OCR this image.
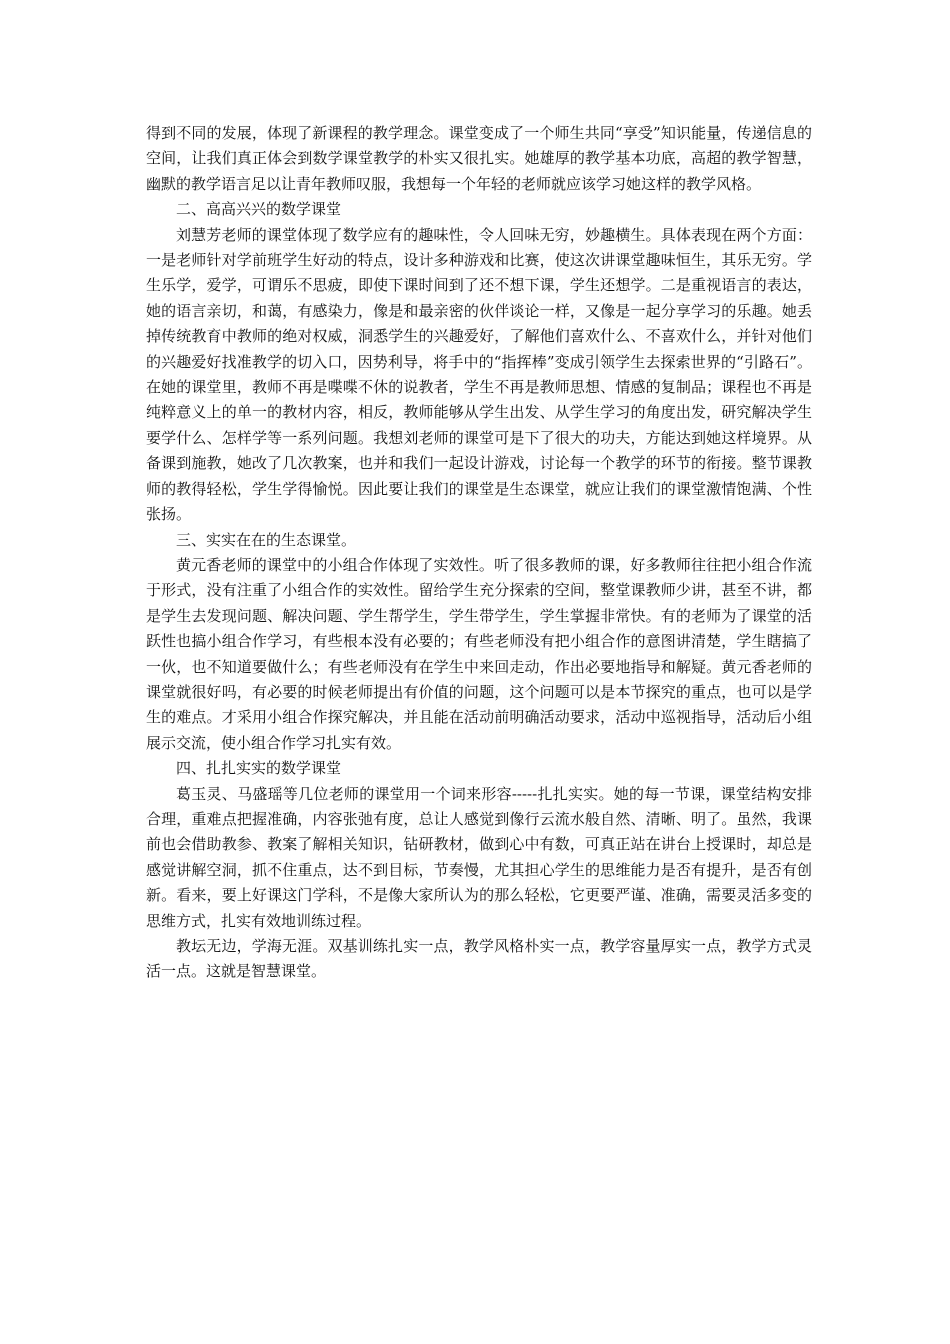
得到不同的发展，体现了新课程的教学理念。课堂变成了一个师生共同“享受”知识能量，传递信息的空间，让我们真正体会到数学课堂教学的朴实又很扎实。她雄厚的教学基本功底，高超的教学智慧，幽默的教学语言足以让青年教师叹服，我想每一个年轻的老师就应该学习她这样的教学风格。

二、高高兴兴的数学课堂

刘慧芳老师的课堂体现了数学应有的趣味性，令人回味无穷，妙趣横生。具体表现在两个方面：一是老师针对学前班学生好动的特点，设计多种游戏和比赛，使这次讲课堂趣味恒生，其乐无穷。学生乐学，爱学，可谓乐不思疲，即使下课时间到了还不想下课，学生还想学。二是重视语言的表达，她的语言亲切，和蔼，有感染力，像是和最亲密的伙伴谈论一样，又像是一起分享学习的乐趣。她丢掉传统教育中教师的绝对权威，洞悉学生的兴趣爱好，了解他们喜欢什么、不喜欢什么，并针对他们的兴趣爱好找准教学的切入口，因势利导，将手中的“指挥棒”变成引领学生去探索世界的“引路石”。在她的课堂里，教师不再是喋喋不休的说教者，学生不再是教师思想、情感的复制品；课程也不再是纯粹意义上的单一的教材内容，相反，教师能够从学生出发、从学生学习的角度出发，研究解决学生要学什么、怎样学等一系列问题。我想刘老师的课堂可是下了很大的功夫，方能达到她这样境界。从备课到施教，她改了几次教案，也并和我们一起设计游戏，讨论每一个教学的环节的衔接。整节课教师的教得轻松，学生学得愉悦。因此要让我们的课堂是生态课堂，就应让我们的课堂激情饱满、个性张扬。

三、实实在在的生态课堂。

黄元香老师的课堂中的小组合作体现了实效性。听了很多教师的课，好多教师往往把小组合作流于形式，没有注重了小组合作的实效性。留给学生充分探索的空间，整堂课教师少讲，甚至不讲，都是学生去发现问题、解决问题、学生帮学生，学生带学生，学生掌握非常快。有的老师为了课堂的活跃性也搞小组合作学习，有些根本没有必要的；有些老师没有把小组合作的意图讲清楚，学生瞎搞了一伙，也不知道要做什么；有些老师没有在学生中来回走动，作出必要地指导和解疑。黄元香老师的课堂就很好吗，有必要的时候老师提出有价值的问题，这个问题可以是本节探究的重点，也可以是学生的难点。才采用小组合作探究解决，并且能在活动前明确活动要求，活动中巡视指导，活动后小组展示交流，使小组合作学习扎实有效。

四、扎扎实实的数学课堂

葛玉灵、马盛瑶等几位老师的课堂用一个词来形容-----扎扎实实。她的每一节课，课堂结构安排合理，重难点把握准确，内容张弛有度，总让人感觉到像行云流水般自然、清晰、明了。虽然，我课前也会借助教参、教案了解相关知识，钻研教材，做到心中有数，可真正站在讲台上授课时，却总是感觉讲解空洞，抓不住重点，达不到目标，节奏慢，尤其担心学生的思维能力是否有提升，是否有创新。看来，要上好课这门学科，不是像大家所认为的那么轻松，它更要严谨、准确，需要灵活多变的思维方式，扎实有效地训练过程。

教坛无边，学海无涯。双基训练扎实一点，教学风格朴实一点，教学容量厚实一点，教学方式灵活一点。这就是智慧课堂。
